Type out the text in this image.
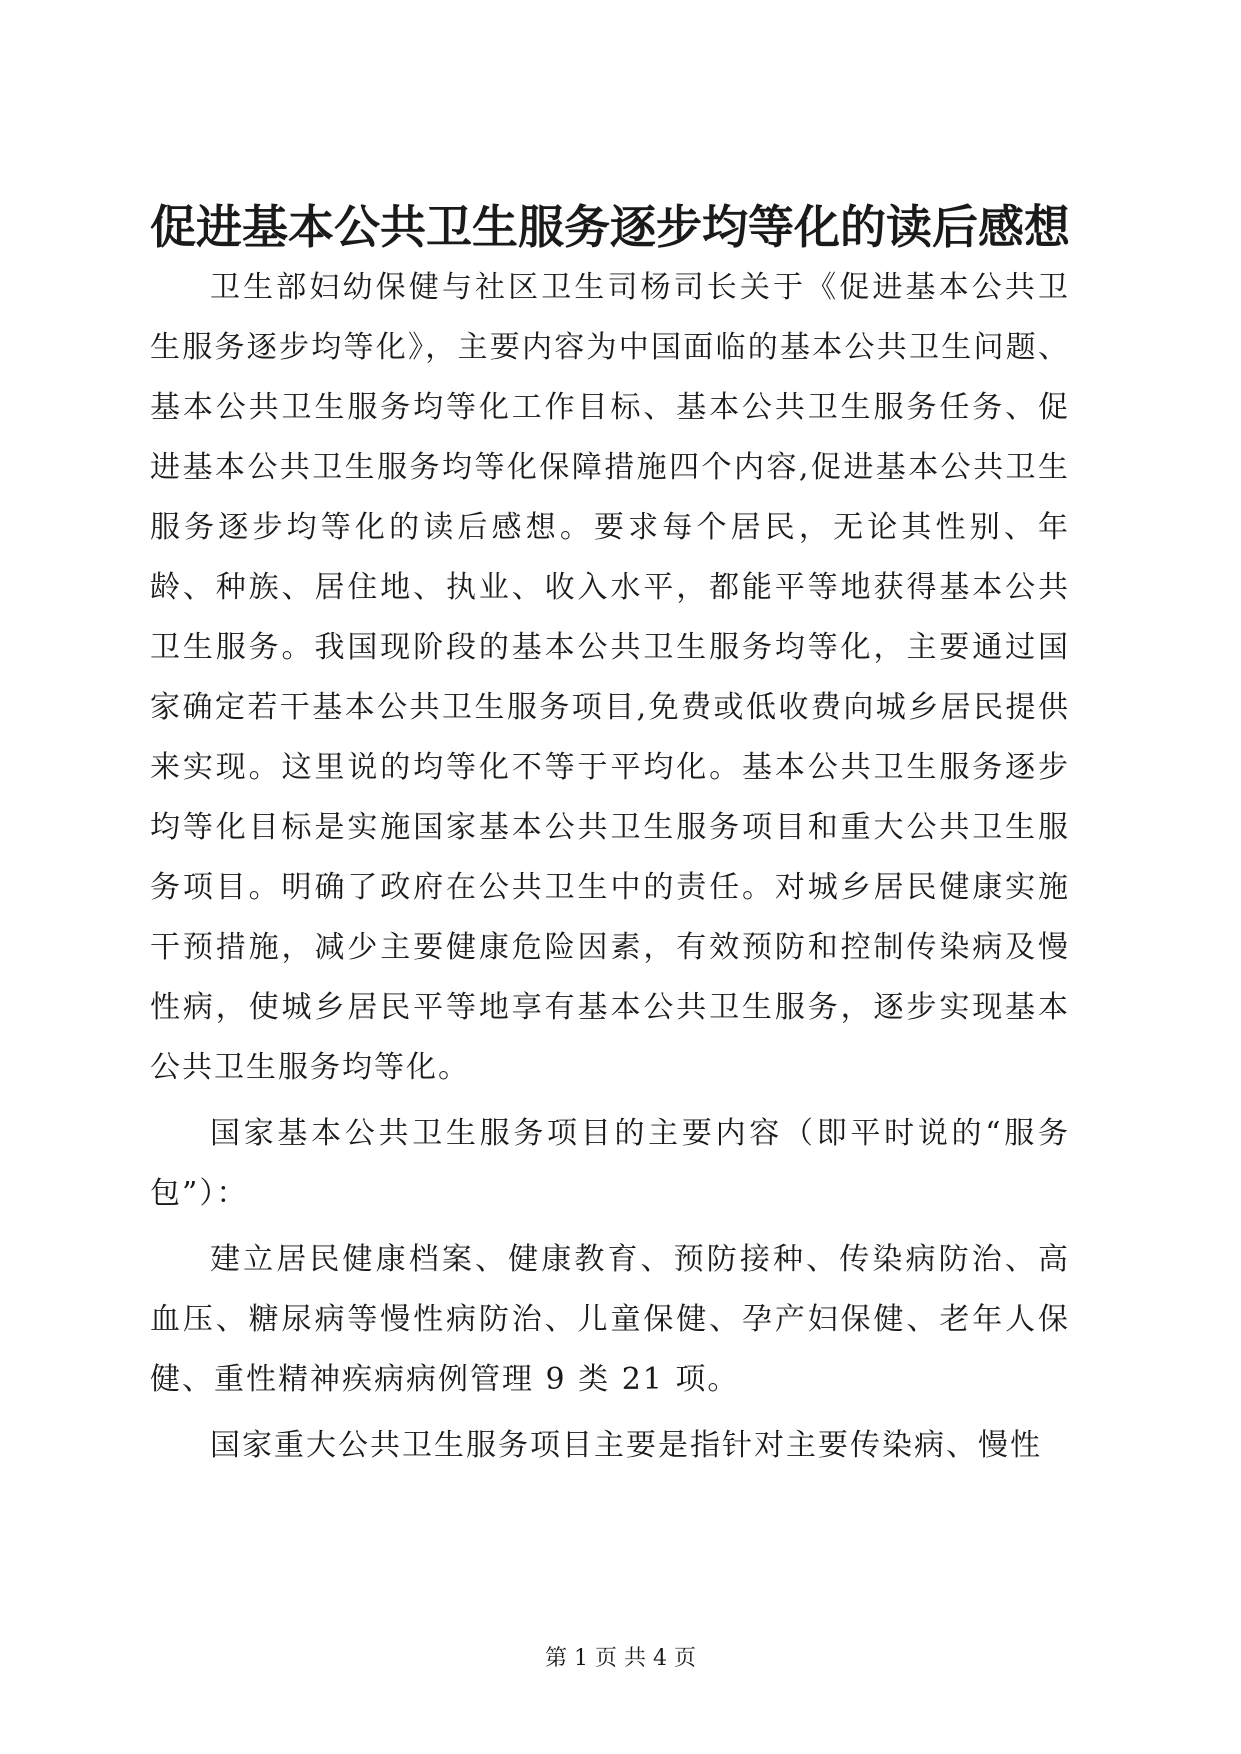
促进基本公共卫生服务逐步均等化的读后感想

卫生部妇幼保健与社区卫生司杨司长关于《促进基本公共卫生服务逐步均等化》，主要内容为中国面临的基本公共卫生问题、基本公共卫生服务均等化工作目标、基本公共卫生服务任务、促进基本公共卫生服务均等化保障措施四个内容,促进基本公共卫生服务逐步均等化的读后感想。要求每个居民，无论其性别、年龄、种族、居住地、执业、收入水平，都能平等地获得基本公共卫生服务。我国现阶段的基本公共卫生服务均等化，主要通过国家确定若干基本公共卫生服务项目,免费或低收费向城乡居民提供来实现。这里说的均等化不等于平均化。基本公共卫生服务逐步均等化目标是实施国家基本公共卫生服务项目和重大公共卫生服务项目。明确了政府在公共卫生中的责任。对城乡居民健康实施干预措施，减少主要健康危险因素，有效预防和控制传染病及慢性病，使城乡居民平等地享有基本公共卫生服务，逐步实现基本公共卫生服务均等化。

国家基本公共卫生服务项目的主要内容（即平时说的“服务包”）：

建立居民健康档案、健康教育、预防接种、传染病防治、高血压、糖尿病等慢性病防治、儿童保健、孕产妇保健、老年人保健、重性精神疾病病例管理 9 类 21 项。

国家重大公共卫生服务项目主要是指针对主要传染病、慢性

第 1 页 共 4 页
